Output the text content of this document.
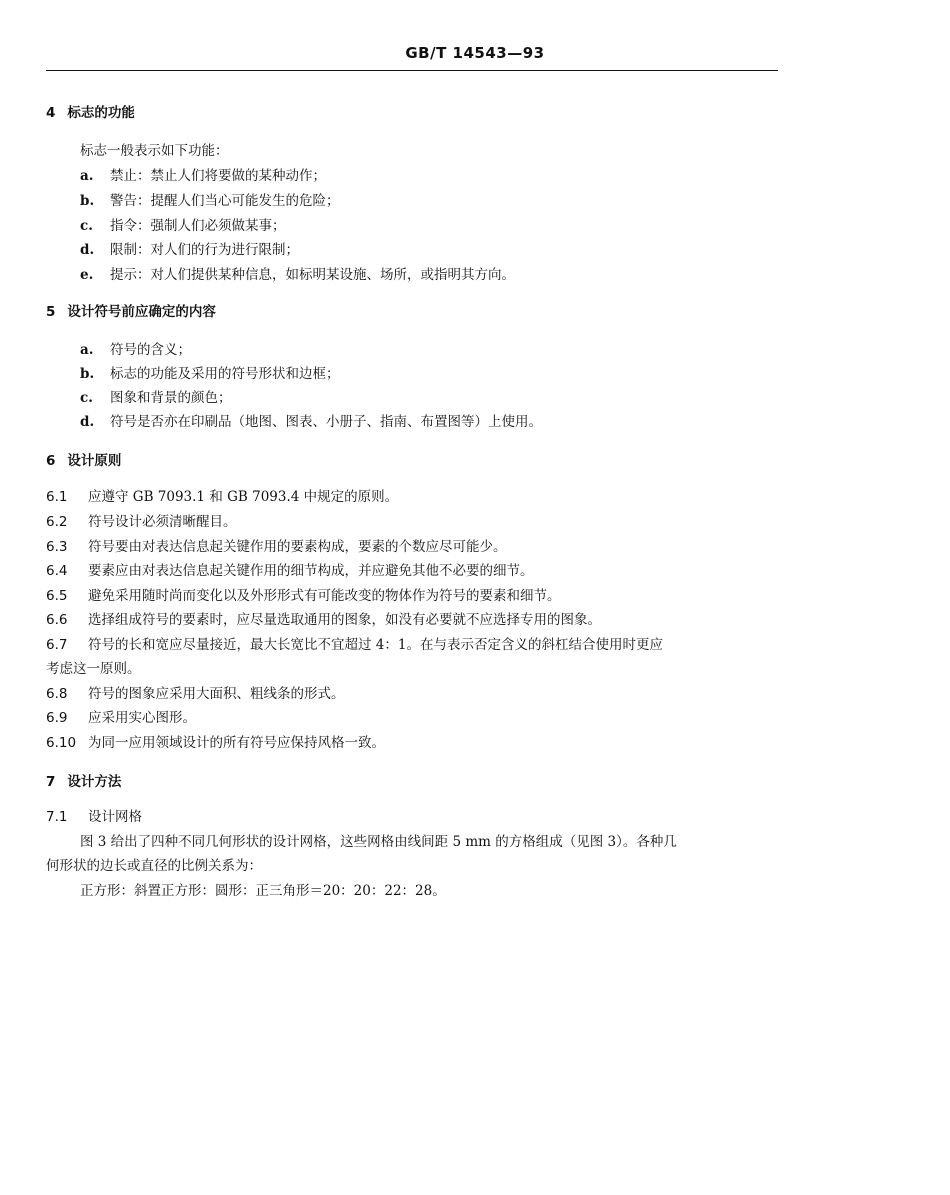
GB/T 14543—93
4 标志的功能
标志一般表示如下功能：
a. 禁止：禁止人们将要做的某种动作；
b. 警告：提醒人们当心可能发生的危险；
c. 指令：强制人们必须做某事；
d. 限制：对人们的行为进行限制；
e. 提示：对人们提供某种信息，如标明某设施、场所，或指明其方向。
5 设计符号前应确定的内容
a. 符号的含义；
b. 标志的功能及采用的符号形状和边框；
c. 图象和背景的颜色；
d. 符号是否亦在印刷品（地图、图表、小册子、指南、布置图等）上使用。
6 设计原则
6.1 应遵守 GB 7093.1 和 GB 7093.4 中规定的原则。
6.2 符号设计必须清晰醒目。
6.3 符号要由对表达信息起关键作用的要素构成，要素的个数应尽可能少。
6.4 要素应由对表达信息起关键作用的细节构成，并应避免其他不必要的细节。
6.5 避免采用随时尚而变化以及外形形式有可能改变的物体作为符号的要素和细节。
6.6 选择组成符号的要素时，应尽量选取通用的图象，如没有必要就不应选择专用的图象。
6.7 符号的长和宽应尽量接近，最大长宽比不宜超过 4：1。在与表示否定含义的斜杠结合使用时更应
考虑这一原则。
6.8 符号的图象应采用大面积、粗线条的形式。
6.9 应采用实心图形。
6.10 为同一应用领域设计的所有符号应保持风格一致。
7 设计方法
7.1 设计网格
图 3 给出了四种不同几何形状的设计网格，这些网格由线间距 5 mm 的方格组成（见图 3）。各种几
何形状的边长或直径的比例关系为：
正方形：斜置正方形：圆形：正三角形＝20：20：22：28。
